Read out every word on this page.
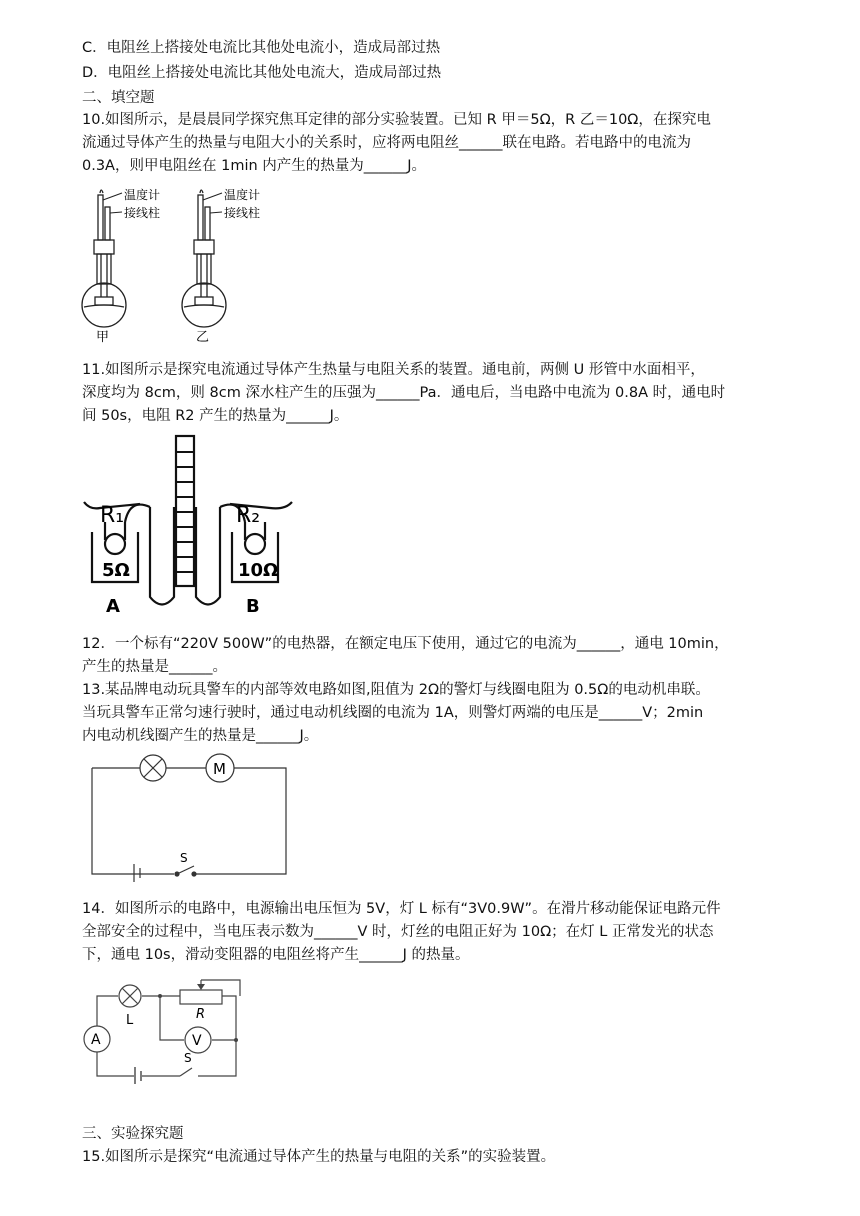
C．电阻丝上搭接处电流比其他处电流小，造成局部过热
D．电阻丝上搭接处电流比其他处电流大，造成局部过热
二、填空题
10.如图所示，是晨晨同学探究焦耳定律的部分实验装置。已知 R 甲＝5Ω，R 乙＝10Ω，在探究电
流通过导体产生的热量与电阻大小的关系时，应将两电阻丝______联在电路。若电路中的电流为
0.3A，则甲电阻丝在 1min 内产生的热量为______J。
温度计
接线柱
甲
温度计
接线柱
乙
11.如图所示是探究电流通过导体产生热量与电阻关系的装置。通电前，两侧 U 形管中水面相平，
深度均为 8cm，则 8cm 深水柱产生的压强为______Pa．通电后，当电路中电流为 0.8A 时，通电时
间 50s，电阻 R2 产生的热量为______J。
R₁	R₂
5Ω	10Ω
A	B
12．一个标有“220V 500W”的电热器，在额定电压下使用，通过它的电流为______，通电 10min，
产生的热量是______。
13.某品牌电动玩具警车的内部等效电路如图,阻值为 2Ω的警灯与线圈电阻为 0.5Ω的电动机串联。
当玩具警车正常匀速行驶时，通过电动机线圈的电流为 1A，则警灯两端的电压是______V；2min
内电动机线圈产生的热量是______J。
M
S
14．如图所示的电路中，电源输出电压恒为 5V，灯 L 标有“3V0.9W”。在滑片移动能保证电路元件
全部安全的过程中，当电压表示数为______V 时，灯丝的电阻正好为 10Ω；在灯 L 正常发光的状态
下，通电 10s，滑动变阻器的电阻丝将产生______J 的热量。
A
L	R
V
S
三、实验探究题
15.如图所示是探究“电流通过导体产生的热量与电阻的关系”的实验装置。
